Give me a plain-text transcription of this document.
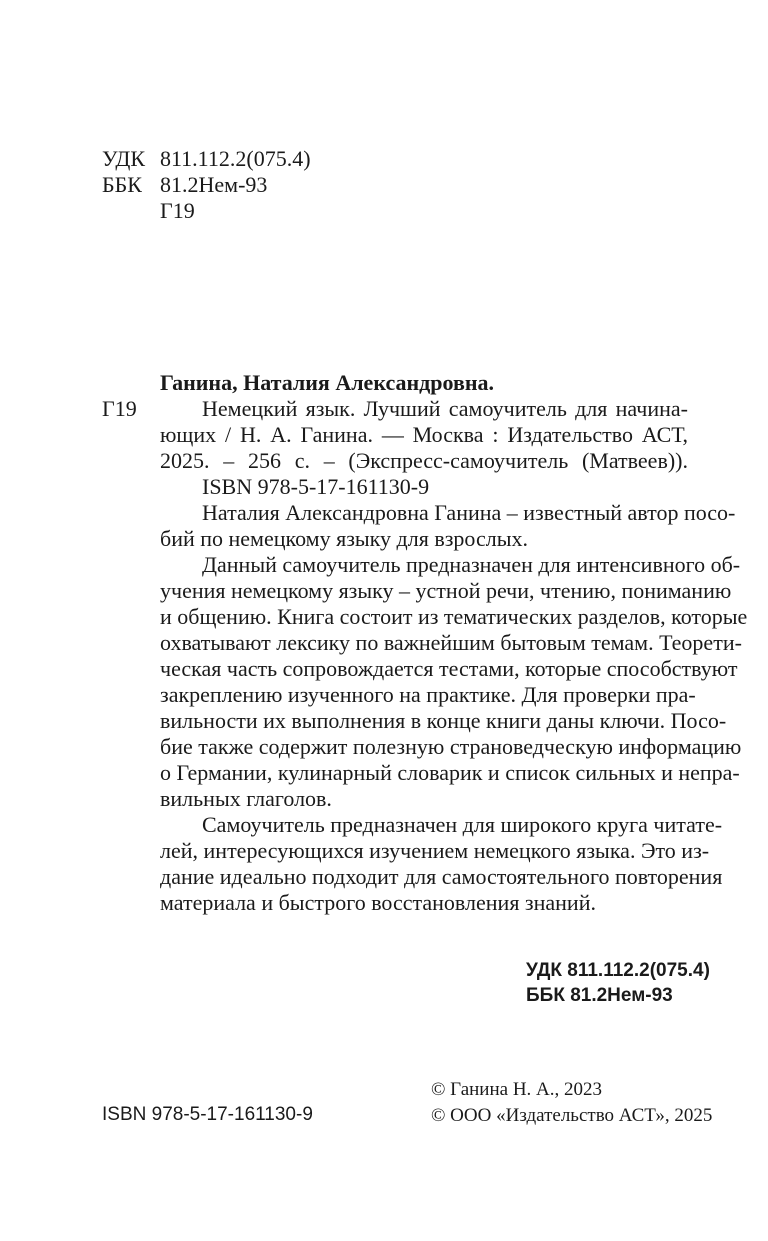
УДК 811.112.2(075.4)
ББК 81.2Нем-93
Г19
Ганина, Наталия Александровна.
Г19	Немецкий язык. Лучший самоучитель для начина-
ющих / Н. А. Ганина. — Москва : Издательство АСТ,
2025. – 256 с. – (Экспресс-самоучитель (Матвеев)).
ISBN 978-5-17-161130-9
Наталия Александровна Ганина – известный автор посо-
бий по немецкому языку для взрослых.
Данный самоучитель предназначен для интенсивного об-
учения немецкому языку – устной речи, чтению, пониманию
и общению. Книга состоит из тематических разделов, которые
охватывают лексику по важнейшим бытовым темам. Теорети-
ческая часть сопровождается тестами, которые способствуют
закреплению изученного на практике. Для проверки пра-
вильности их выполнения в конце книги даны ключи. Посо-
бие также содержит полезную страноведческую информацию
о Германии, кулинарный словарик и список сильных и непра-
вильных глаголов.
Самоучитель предназначен для широкого круга читате-
лей, интересующихся изучением немецкого языка. Это из-
дание идеально подходит для самостоятельного повторения
материала и быстрого восстановления знаний.
УДК 811.112.2(075.4)
ББК 81.2Нем-93
ISBN 978-5-17-161130-9
© Ганина Н. А., 2023
© ООО «Издательство АСТ», 2025
